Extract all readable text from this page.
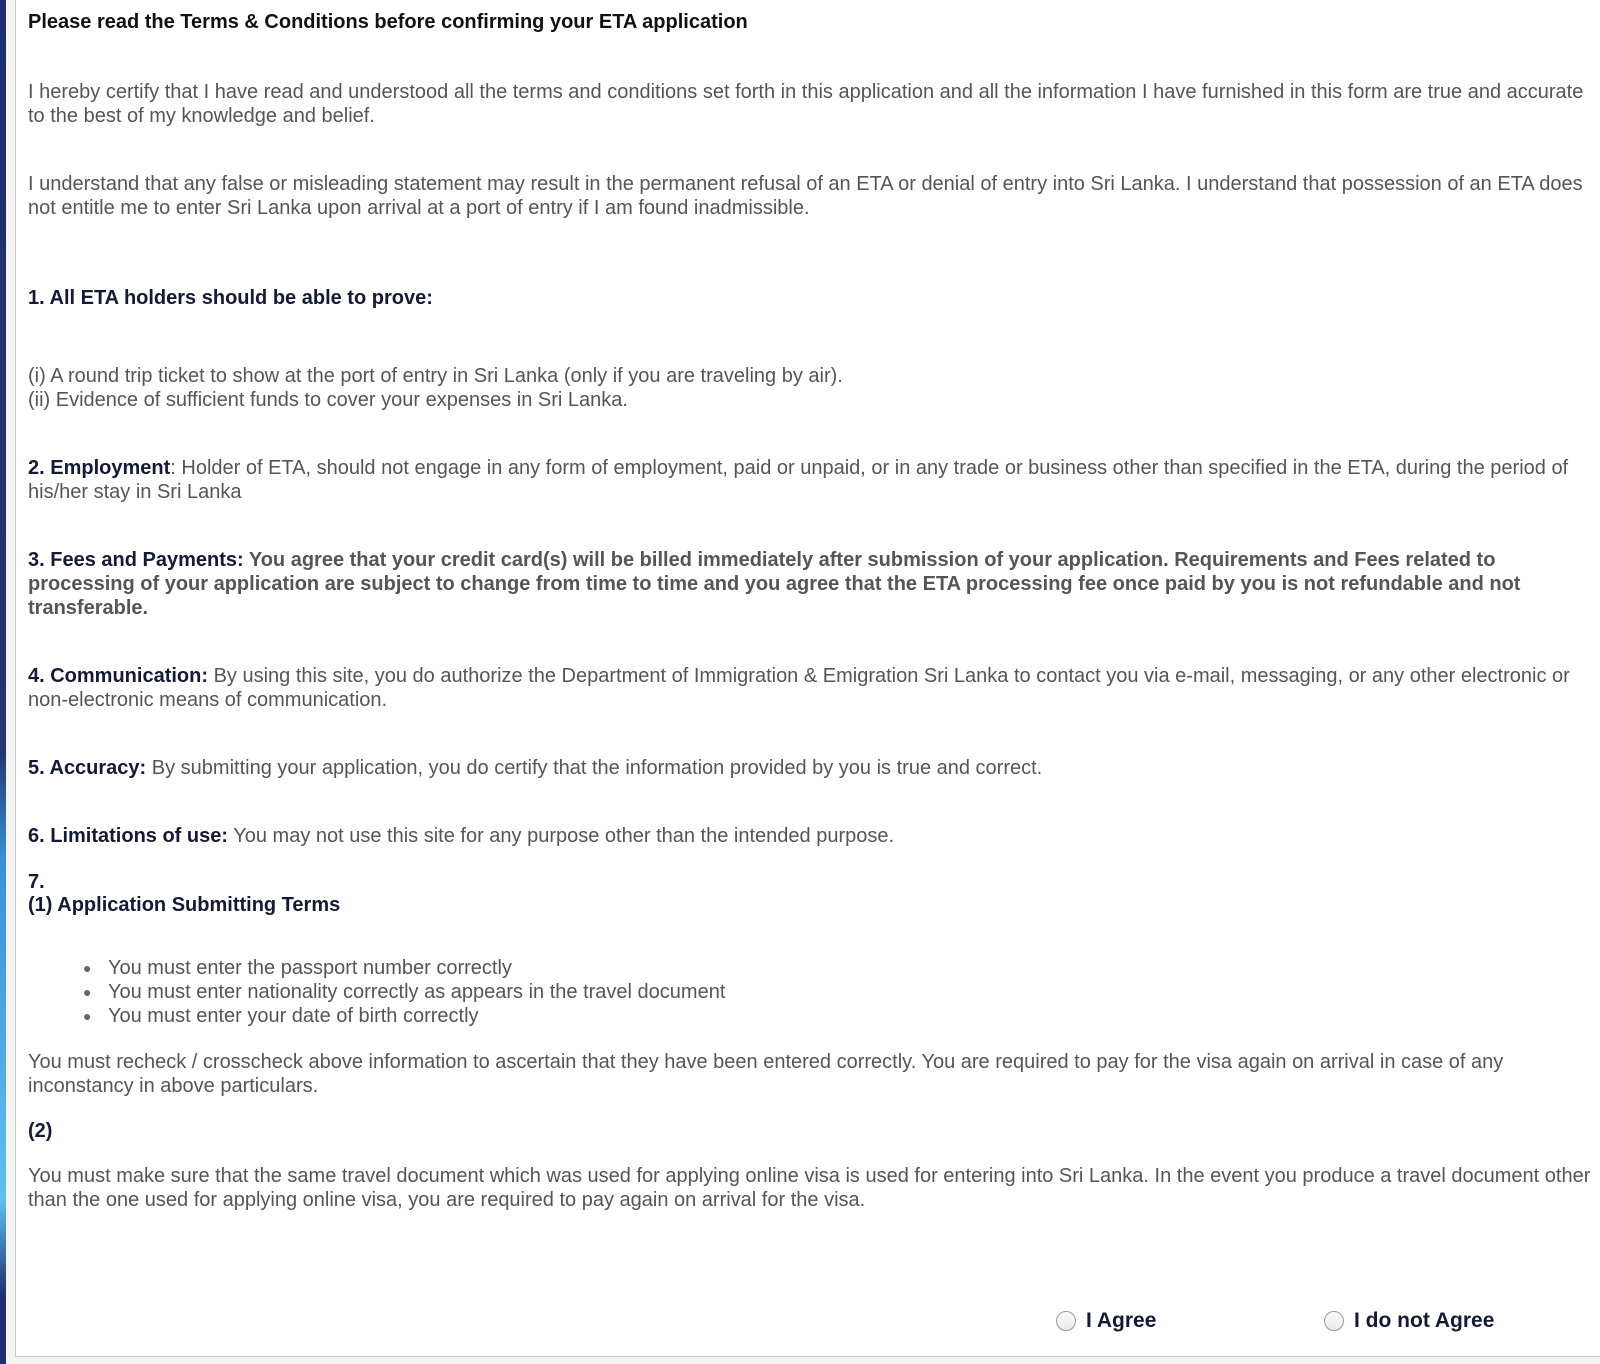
Please read the Terms & Conditions before confirming your ETA application

I hereby certify that I have read and understood all the terms and conditions set forth in this application and all the information I have furnished in this form are true and accurate to the best of my knowledge and belief.

I understand that any false or misleading statement may result in the permanent refusal of an ETA or denial of entry into Sri Lanka. I understand that possession of an ETA does not entitle me to enter Sri Lanka upon arrival at a port of entry if I am found inadmissible.

1. All ETA holders should be able to prove:

(i) A round trip ticket to show at the port of entry in Sri Lanka (only if you are traveling by air).

(ii) Evidence of sufficient funds to cover your expenses in Sri Lanka.

2. Employment: Holder of ETA, should not engage in any form of employment, paid or unpaid, or in any trade or business other than specified in the ETA, during the period of his/her stay in Sri Lanka

3. Fees and Payments: You agree that your credit card(s) will be billed immediately after submission of your application. Requirements and Fees related to processing of your application are subject to change from time to time and you agree that the ETA processing fee once paid by you is not refundable and not transferable.

4. Communication: By using this site, you do authorize the Department of Immigration & Emigration Sri Lanka to contact you via e-mail, messaging, or any other electronic or non-electronic means of communication.

5. Accuracy: By submitting your application, you do certify that the information provided by you is true and correct.

6. Limitations of use: You may not use this site for any purpose other than the intended purpose.

7.

(1) Application Submitting Terms

● You must enter the passport number correctly
● You must enter nationality correctly as appears in the travel document
● You must enter your date of birth correctly

You must recheck / crosscheck above information to ascertain that they have been entered correctly. You are required to pay for the visa again on arrival in case of any inconstancy in above particulars.

(2)

You must make sure that the same travel document which was used for applying online visa is used for entering into Sri Lanka. In the event you produce a travel document other than the one used for applying online visa, you are required to pay again on arrival for the visa.

I Agree	I do not Agree
